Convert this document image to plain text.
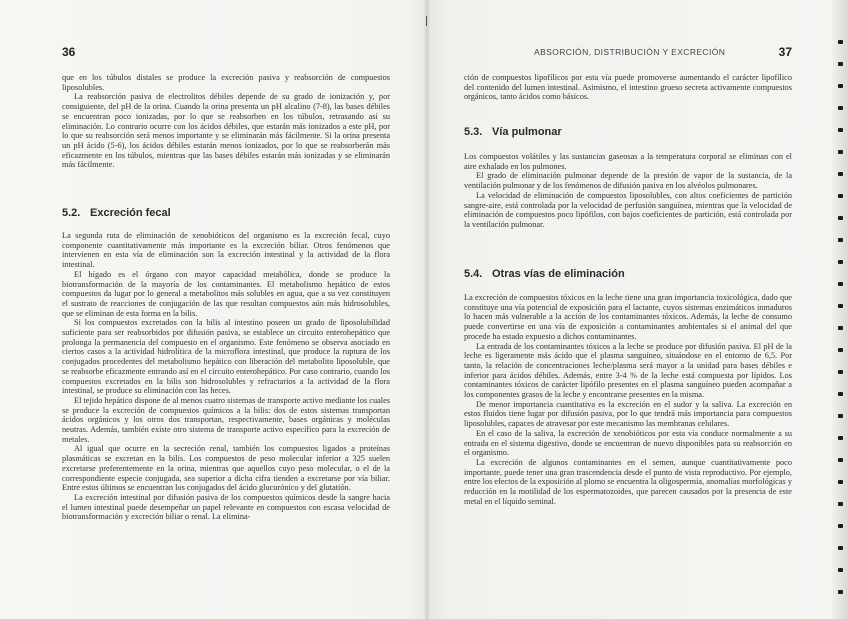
36

que en los túbulos distales se produce la excreción pasiva y reabsorción de compuestos liposolubles.

La reabsorción pasiva de electrolitos débiles depende de su grado de ionización y, por consiguiente, del pH de la orina. Cuando la orina presenta un pH alcalino (7-8), las bases débiles se encuentran poco ionizadas, por lo que se reabsorben en los túbulos, retrasando así su eliminación. Lo contrario ocurre con los ácidos débiles, que estarán más ionizados a este pH, por lo que su reabsorción será menos importante y se eliminarán más fácilmente. Si la orina presenta un pH ácido (5-6), los ácidos débiles estarán menos ionizados, por lo que se reabsorberán más eficazmente en los túbulos, mientras que las bases débiles estarán más ionizadas y se eliminarán más fácilmente.

5.2. Excreción fecal

La segunda ruta de eliminación de xenobióticos del organismo es la excreción fecal, cuyo componente cuantitativamente más importante es la excreción biliar. Otros fenómenos que intervienen en esta vía de eliminación son la excreción intestinal y la actividad de la flora intestinal.

El hígado es el órgano con mayor capacidad metabólica, donde se produce la biotransformación de la mayoría de los contaminantes. El metabolismo hepático de estos compuestos da lugar por lo general a metabolitos más solubles en agua, que a su vez constituyen el sustrato de reacciones de conjugación de las que resultan compuestos aún más hidrosolubles, que se eliminan de esta forma en la bilis.

Si los compuestos excretados con la bilis al intestino poseen un grado de liposolubilidad suficiente para ser reabsorbidos por difusión pasiva, se establece un circuito enterohepático que prolonga la permanencia del compuesto en el organismo. Este fenómeno se observa asociado en ciertos casos a la actividad hidrolítica de la microflora intestinal, que produce la ruptura de los conjugados procedentes del metabolismo hepático con liberación del metabolito liposoluble, que se reabsorbe eficazmente entrando así en el circuito enterohepático. Por caso contrario, cuando los compuestos excretados en la bilis son hidrosolubles y refractarios a la actividad de la flora intestinal, se produce su eliminación con las heces.

El tejido hepático dispone de al menos cuatro sistemas de transporte activo mediante los cuales se produce la excreción de compuestos químicos a la bilis: dos de estos sistemas transportan ácidos orgánicos y los otros dos transportan, respectivamente, bases orgánicas y moléculas neutras. Además, también existe otro sistema de transporte activo específico para la excreción de metales.

Al igual que ocurre en la secreción renal, también los compuestos ligados a proteínas plasmáticas se excretan en la bilis. Los compuestos de peso molecular inferior a 325 suelen excretarse preferentemente en la orina, mientras que aquellos cuyo peso molecular, o el de la correspondiente especie conjugada, sea superior a dicha cifra tienden a excretarse por vía biliar. Entre estos últimos se encuentran los conjugados del ácido glucurónico y del glutatión.

La excreción intestinal por difusión pasiva de los compuestos químicos desde la sangre hacia el lumen intestinal puede desempeñar un papel relevante en compuestos con escasa velocidad de biotransformación y excreción biliar o renal. La elimina-

ABSORCIÓN, DISTRIBUCIÓN Y EXCRECIÓN	37

ción de compuestos lipofílicos por esta vía puede promoverse aumentando el carácter lipofílico del contenido del lumen intestinal. Asimismo, el intestino grueso secreta activamente compuestos orgánicos, tanto ácidos como básicos.

5.3. Vía pulmonar

Los compuestos volátiles y las sustancias gaseosas a la temperatura corporal se eliminan con el aire exhalado en los pulmones.

El grado de eliminación pulmonar depende de la presión de vapor de la sustancia, de la ventilación pulmonar y de los fenómenos de difusión pasiva en los alvéolos pulmonares.

La velocidad de eliminación de compuestos liposolubles, con altos coeficientes de partición sangre-aire, está controlada por la velocidad de perfusión sanguínea, mientras que la velocidad de eliminación de compuestos poco lipófilos, con bajos coeficientes de partición, está controlada por la ventilación pulmonar.

5.4. Otras vías de eliminación

La excreción de compuestos tóxicos en la leche tiene una gran importancia toxicológica, dado que constituye una vía potencial de exposición para el lactante, cuyos sistemas enzimáticos inmaduros lo hacen más vulnerable a la acción de los contaminantes tóxicos. Además, la leche de consumo puede convertirse en una vía de exposición a contaminantes ambientales si el animal del que procede ha estado expuesto a dichos contaminantes.

La entrada de los contaminantes tóxicos a la leche se produce por difusión pasiva. El pH de la leche es ligeramente más ácido que el plasma sanguíneo, situándose en el entorno de 6,5. Por tanto, la relación de concentraciones leche/plasma será mayor a la unidad para bases débiles e inferior para ácidos débiles. Además, entre 3-4 % de la leche está compuesta por lípidos. Los contaminantes tóxicos de carácter lipófilo presentes en el plasma sanguíneo pueden acompañar a los componentes grasos de la leche y encontrarse presentes en la misma.

De menor importancia cuantitativa es la excreción en el sudor y la saliva. La excreción en estos fluidos tiene lugar por difusión pasiva, por lo que tendrá más importancia para compuestos liposolubles, capaces de atravesar por este mecanismo las membranas celulares.

En el caso de la saliva, la excreción de xenobióticos por esta vía conduce normalmente a su entrada en el sistema digestivo, donde se encuentran de nuevo disponibles para su reabsorción en el organismo.

La excreción de algunos contaminantes en el semen, aunque cuantitativamente poco importante, puede tener una gran trascendencia desde el punto de vista reproductivo. Por ejemplo, entre los efectos de la exposición al plomo se encuentra la oligospermia, anomalías morfológicas y reducción en la motilidad de los espermatozoides, que parecen causados por la presencia de este metal en el líquido seminal.
